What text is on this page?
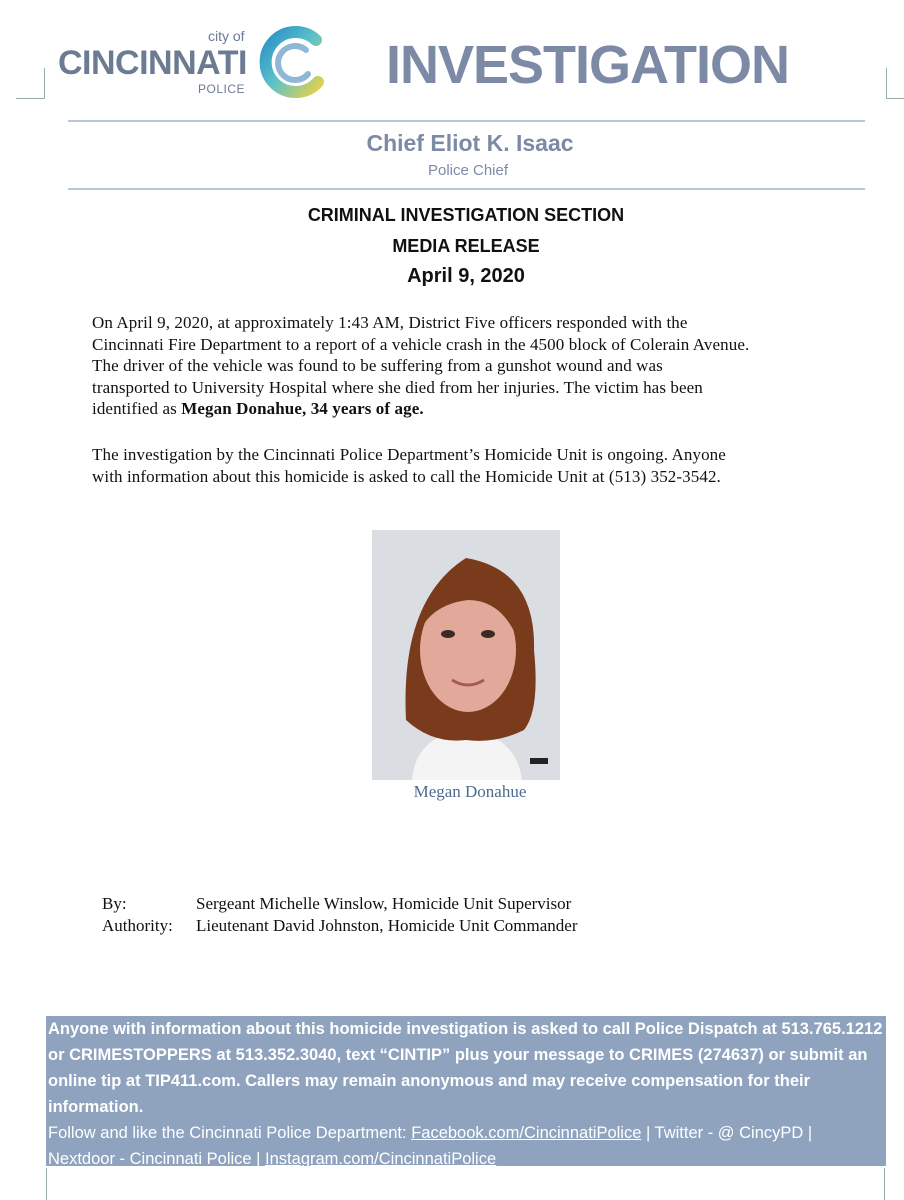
city of
CINCINNATI
POLICE	INVESTIGATION
Chief Eliot K. Isaac
Police Chief
CRIMINAL INVESTIGATION SECTION
MEDIA RELEASE
April 9, 2020
On April 9, 2020, at approximately 1:43 AM, District Five officers responded with the
Cincinnati Fire Department to a report of a vehicle crash in the 4500 block of Colerain Avenue.
The driver of the vehicle was found to be suffering from a gunshot wound and was
transported to University Hospital where she died from her injuries. The victim has been
identified as Megan Donahue, 34 years of age.
The investigation by the Cincinnati Police Department’s Homicide Unit is ongoing. Anyone
with information about this homicide is asked to call the Homicide Unit at (513) 352-3542.
Megan Donahue
By:	Sergeant Michelle Winslow, Homicide Unit Supervisor
Authority: Lieutenant David Johnston, Homicide Unit Commander
Anyone with information about this homicide investigation is asked to call Police Dispatch at 513.765.1212
or CRIMESTOPPERS at 513.352.3040, text “CINTIP” plus your message to CRIMES (274637) or submit an
online tip at TIP411.com. Callers may remain anonymous and may receive compensation for their
information.
Follow and like the Cincinnati Police Department: Facebook.com/CincinnatiPolice | Twitter - @ CincyPD |
Nextdoor - Cincinnati Police | Instagram.com/CincinnatiPolice
